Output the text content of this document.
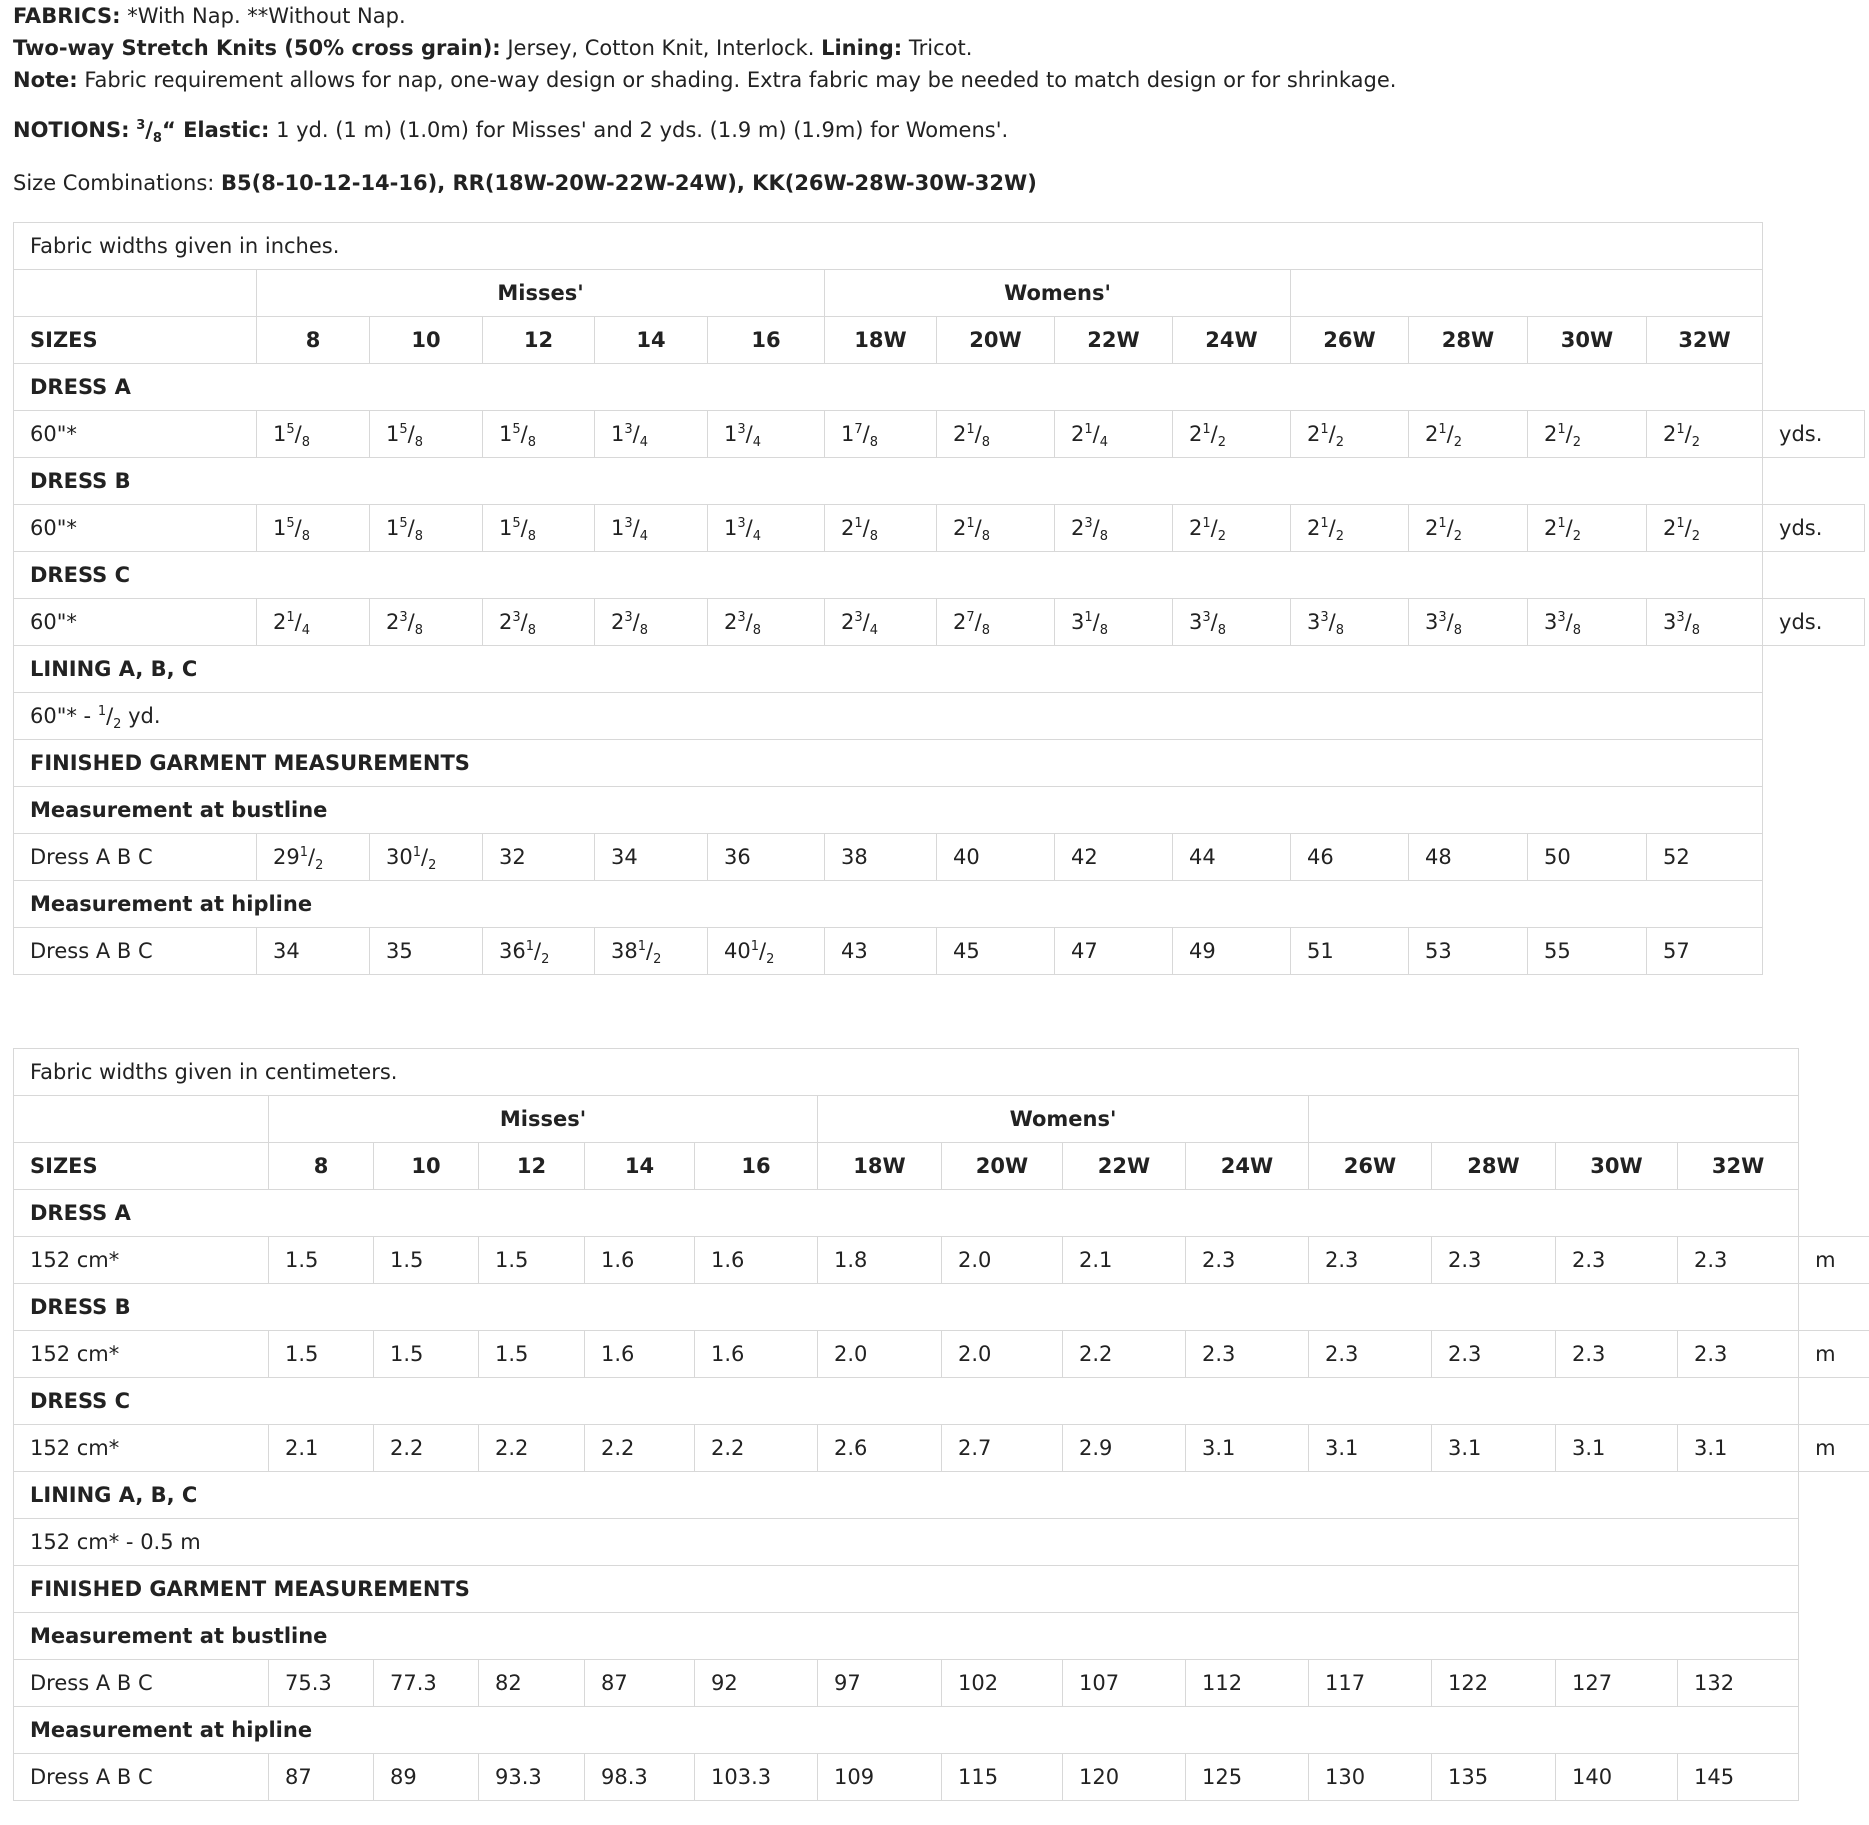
FABRICS: *With Nap. **Without Nap.
Two-way Stretch Knits (50% cross grain): Jersey, Cotton Knit, Interlock. Lining: Tricot.
Note: Fabric requirement allows for nap, one-way design or shading. Extra fabric may be needed to match design or for shrinkage.
NOTIONS: $^3/_8“$ Elastic: 1 yd. (1 m) (1.0m) for Misses' and 2 yds. (1.9 m) (1.9m) for Womens'.
Size Combinations: B5(8-10-12-14-16), RR(18W-20W-22W-24W), KK(26W-28W-30W-32W)
Fabric widths given in inches.														
	Misses'					Womens'								
SIZES	8	10	12	14	16	18W	20W	22W	24W	26W	28W	30W	32W	
DRESS A														
60"*	$1^5/_8$	$1^5/_8$	$1^5/_8$	$1^3/_4$	$1^3/_4$	$1^7/_8$	$2^1/_8$	$2^1/_4$	$2^1/_2$	$2^1/_2$	$2^1/_2$	$2^1/_2$	$2^1/_2$	yds.
DRESS B														
60"*	$1^5/_8$	$1^5/_8$	$1^5/_8$	$1^3/_4$	$1^3/_4$	$2^1/_8$	$2^1/_8$	$2^3/_8$	$2^1/_2$	$2^1/_2$	$2^1/_2$	$2^1/_2$	$2^1/_2$	yds.
DRESS C														
60"*	$2^1/_4$	$2^3/_8$	$2^3/_8$	$2^3/_8$	$2^3/_8$	$2^3/_4$	$2^7/_8$	$3^1/_8$	$3^3/_8$	$3^3/_8$	$3^3/_8$	$3^3/_8$	$3^3/_8$	yds.
LINING A, B, C														
60"* - $^1/_2$ yd.														
FINISHED GARMENT MEASUREMENTS														
Measurement at bustline														
Dress A B C	$29^1/_2$	$30^1/_2$	32	34	36	38	40	42	44	46	48	50	52	
Measurement at hipline														
Dress A B C	34	35	$36^1/_2$	$38^1/_2$	$40^1/_2$	43	45	47	49	51	53	55	57	
Fabric widths given in centimeters.														
	Misses'					Womens'								
SIZES	8	10	12	14	16	18W	20W	22W	24W	26W	28W	30W	32W	
DRESS A														
152 cm*	1.5	1.5	1.5	1.6	1.6	1.8	2.0	2.1	2.3	2.3	2.3	2.3	2.3	m
DRESS B														
152 cm*	1.5	1.5	1.5	1.6	1.6	2.0	2.0	2.2	2.3	2.3	2.3	2.3	2.3	m
DRESS C														
152 cm*	2.1	2.2	2.2	2.2	2.2	2.6	2.7	2.9	3.1	3.1	3.1	3.1	3.1	m
LINING A, B, C														
152 cm* - 0.5 m														
FINISHED GARMENT MEASUREMENTS														
Measurement at bustline														
Dress A B C	75.3	77.3	82	87	92	97	102	107	112	117	122	127	132	
Measurement at hipline														
Dress A B C	87	89	93.3	98.3	103.3	109	115	120	125	130	135	140	145	
